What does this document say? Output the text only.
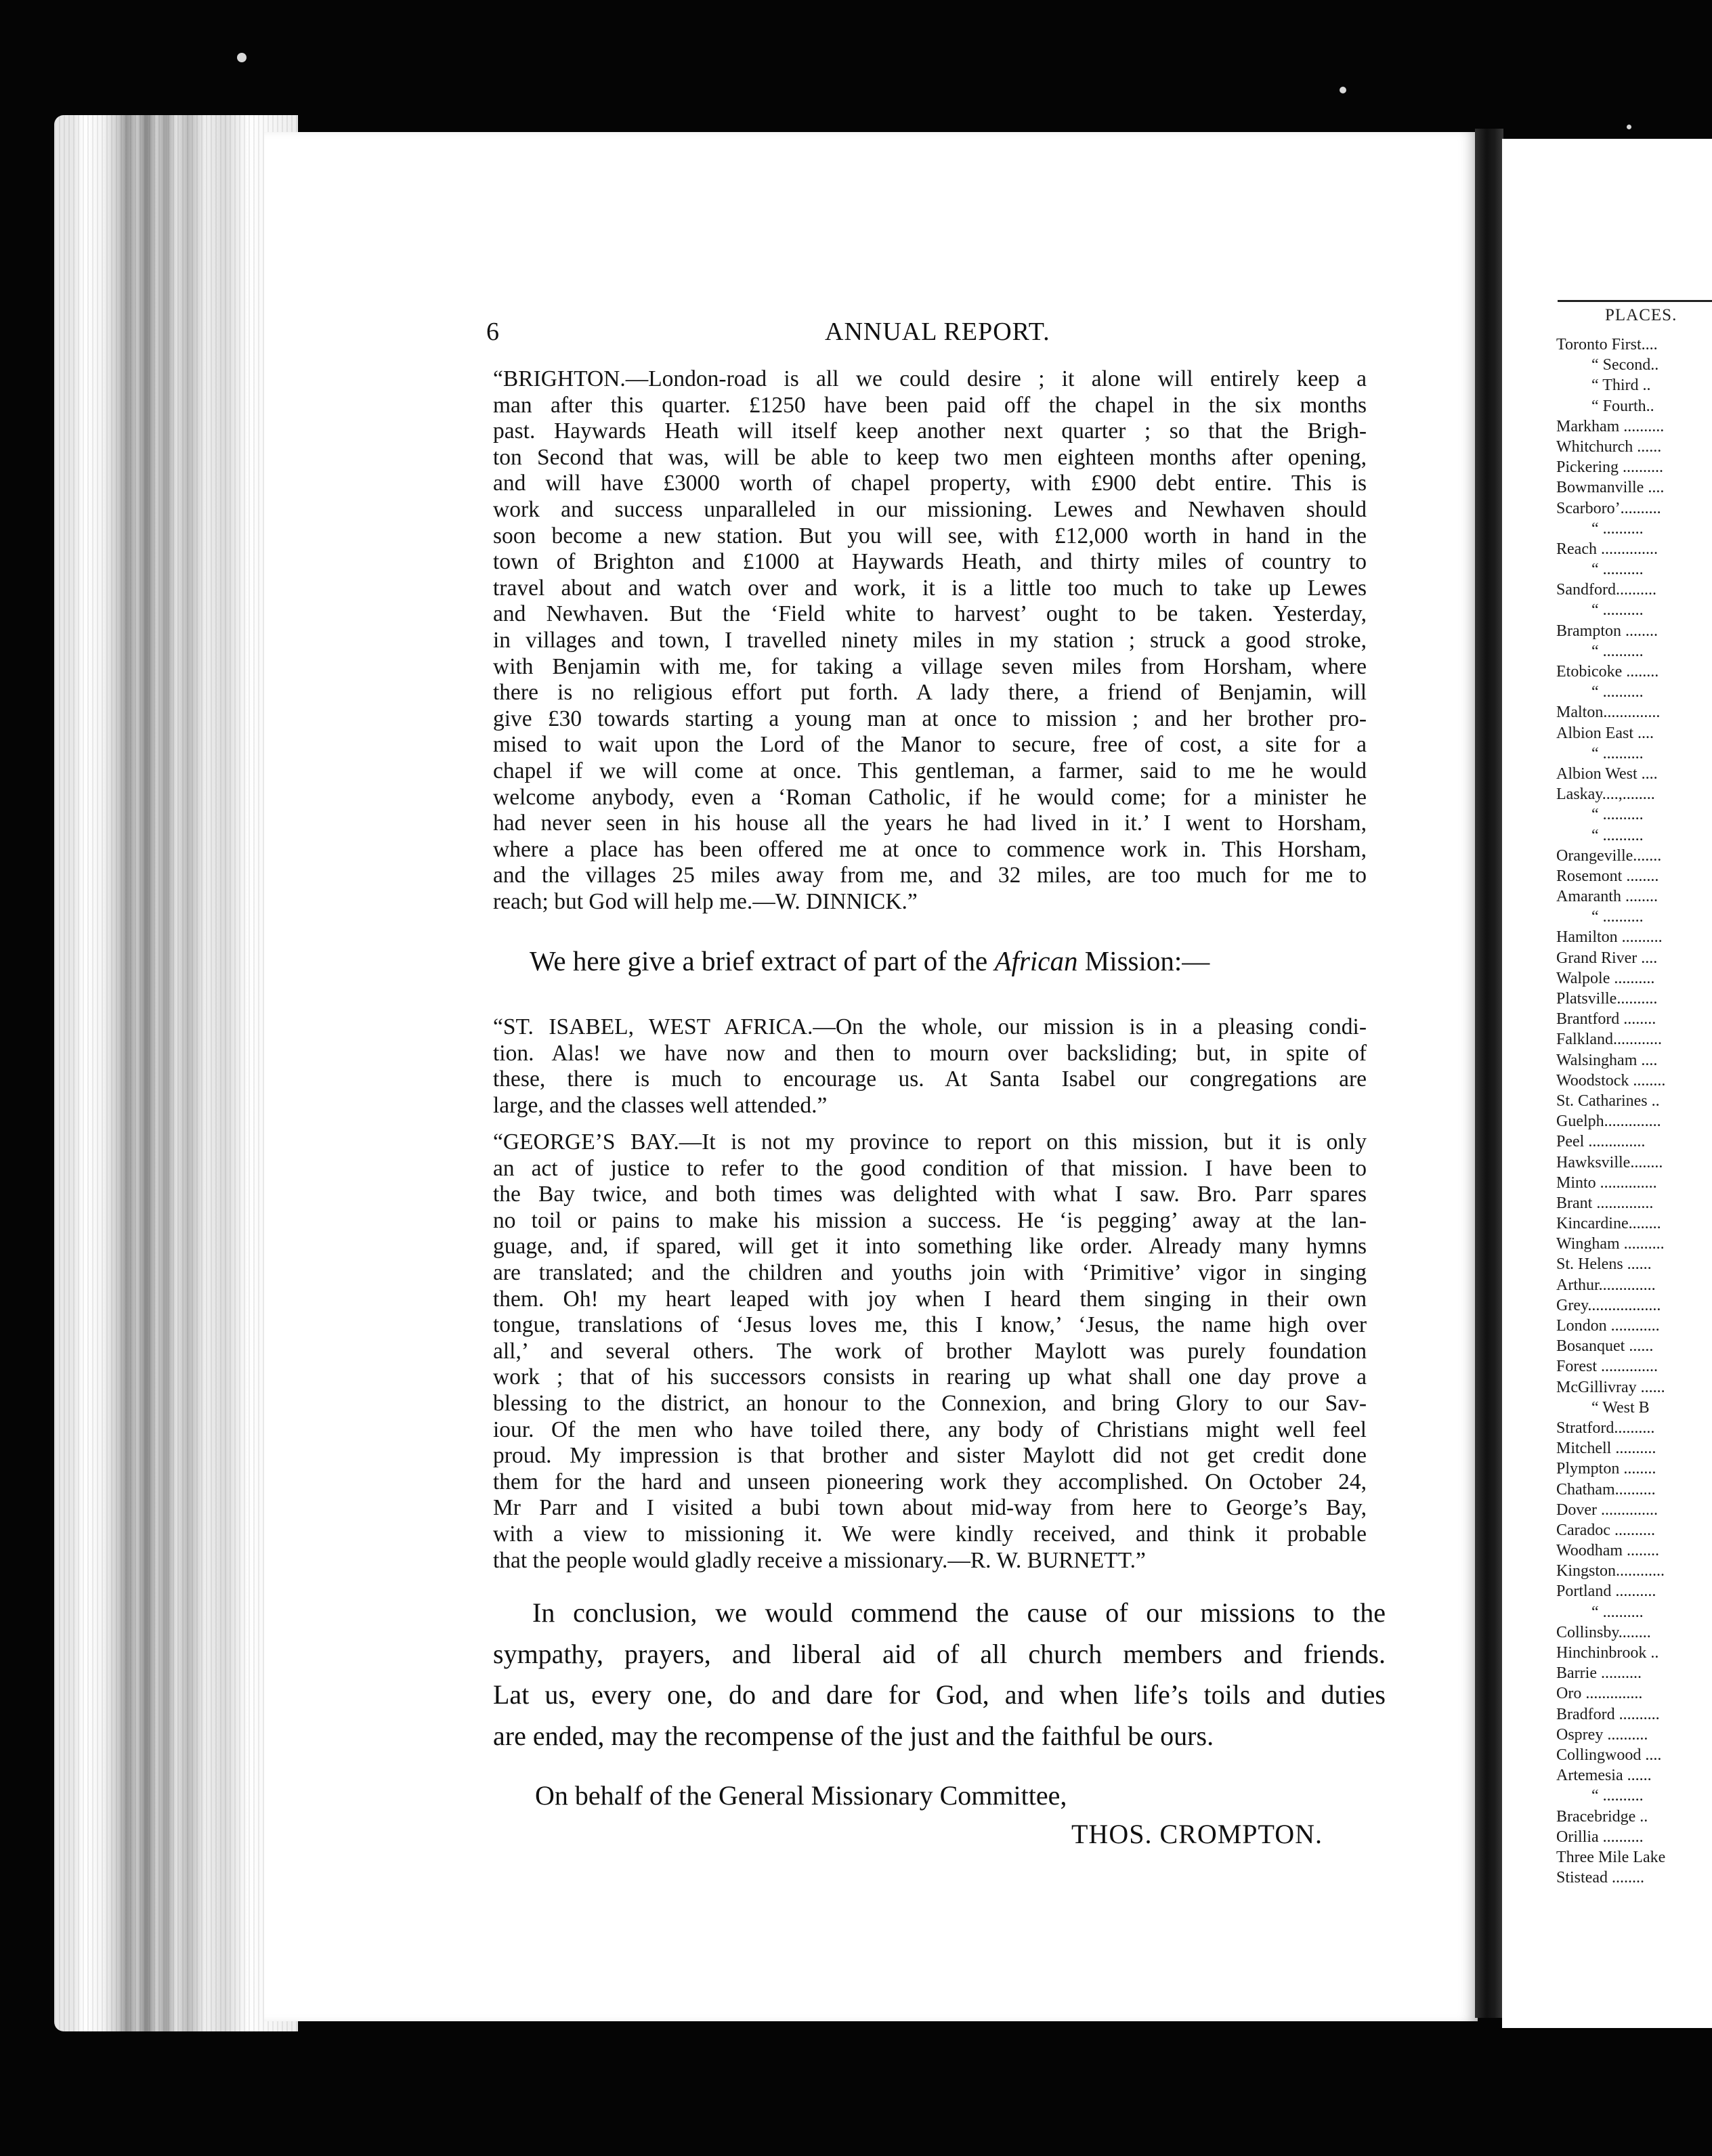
6	ANNUAL REPORT.
“BRIGHTON.—London-road is all we could desire ; it alone will entirely keep a
man after this quarter. £1250 have been paid off the chapel in the six months
past. Haywards Heath will itself keep another next quarter ; so that the Brigh-
ton Second that was, will be able to keep two men eighteen months after opening,
and will have £3000 worth of chapel property, with £900 debt entire. This is
work and success unparalleled in our missioning. Lewes and Newhaven should
soon become a new station. But you will see, with £12,000 worth in hand in the
town of Brighton and £1000 at Haywards Heath, and thirty miles of country to
travel about and watch over and work, it is a little too much to take up Lewes
and Newhaven. But the ‘Field white to harvest’ ought to be taken. Yesterday,
in villages and town, I travelled ninety miles in my station ; struck a good stroke,
with Benjamin with me, for taking a village seven miles from Horsham, where
there is no religious effort put forth. A lady there, a friend of Benjamin, will
give £30 towards starting a young man at once to mission ; and her brother pro-
mised to wait upon the Lord of the Manor to secure, free of cost, a site for a
chapel if we will come at once. This gentleman, a farmer, said to me he would
welcome anybody, even a ‘Roman Catholic, if he would come; for a minister he
had never seen in his house all the years he had lived in it.’ I went to Horsham,
where a place has been offered me at once to commence work in. This Horsham,
and the villages 25 miles away from me, and 32 miles, are too much for me to
reach; but God will help me.—W. DINNICK.”
We here give a brief extract of part of the African Mission:—
“ST. ISABEL, WEST AFRICA.—On the whole, our mission is in a pleasing condi-
tion. Alas! we have now and then to mourn over backsliding; but, in spite of
these, there is much to encourage us. At Santa Isabel our congregations are
large, and the classes well attended.”
“GEORGE’S BAY.—It is not my province to report on this mission, but it is only
an act of justice to refer to the good condition of that mission. I have been to
the Bay twice, and both times was delighted with what I saw. Bro. Parr spares
no toil or pains to make his mission a success. He ‘is pegging’ away at the lan-
guage, and, if spared, will get it into something like order. Already many hymns
are translated; and the children and youths join with ‘Primitive’ vigor in singing
them. Oh! my heart leaped with joy when I heard them singing in their own
tongue, translations of ‘Jesus loves me, this I know,’ ‘Jesus, the name high over
all,’ and several others. The work of brother Maylott was purely foundation
work ; that of his successors consists in rearing up what shall one day prove a
blessing to the district, an honour to the Connexion, and bring Glory to our Sav-
iour. Of the men who have toiled there, any body of Christians might well feel
proud. My impression is that brother and sister Maylott did not get credit done
them for the hard and unseen pioneering work they accomplished. On October 24,
Mr Parr and I visited a bubi town about mid-way from here to George’s Bay,
with a view to missioning it. We were kindly received, and think it probable
that the people would gladly receive a missionary.—R. W. BURNETT.”
In conclusion, we would commend the cause of our missions to the
sympathy, prayers, and liberal aid of all church members and friends.
Lat us, every one, do and dare for God, and when life’s toils and duties
are ended, may the recompense of the just and the faithful be ours.
On behalf of the General Missionary Committee,
THOS. CROMPTON.
PLACES.
Toronto First....
“ Second..
“ Third ..
“ Fourth..
Markham ..........
Whitchurch ......
Pickering ..........
Bowmanville ....
Scarboro’..........
“ ..........
Reach ..............
“ ..........
Sandford..........
“ ..........
Brampton ........
“ ..........
Etobicoke ........
“ ..........
Malton..............
Albion East ....
“ ..........
Albion West ....
Laskay....,........
“ ..........
“ ..........
Orangeville.......
Rosemont ........
Amaranth ........
“ ..........
Hamilton ..........
Grand River ....
Walpole ..........
Platsville..........
Brantford ........
Falkland............
Walsingham ....
Woodstock ........
St. Catharines ..
Guelph..............
Peel ..............
Hawksville........
Minto ..............
Brant ..............
Kincardine........
Wingham ..........
St. Helens ......
Arthur..............
Grey..................
London ............
Bosanquet ......
Forest ..............
McGillivray ......
“ West B
Stratford..........
Mitchell ..........
Plympton ........
Chatham..........
Dover ..............
Caradoc ..........
Woodham ........
Kingston............
Portland ..........
“ ..........
Collinsby........
Hinchinbrook ..
Barrie ..........
Oro ..............
Bradford ..........
Osprey ..........
Collingwood ....
Artemesia ......
“ ..........
Bracebridge ..
Orillia ..........
Three Mile Lake
Stistead ........
